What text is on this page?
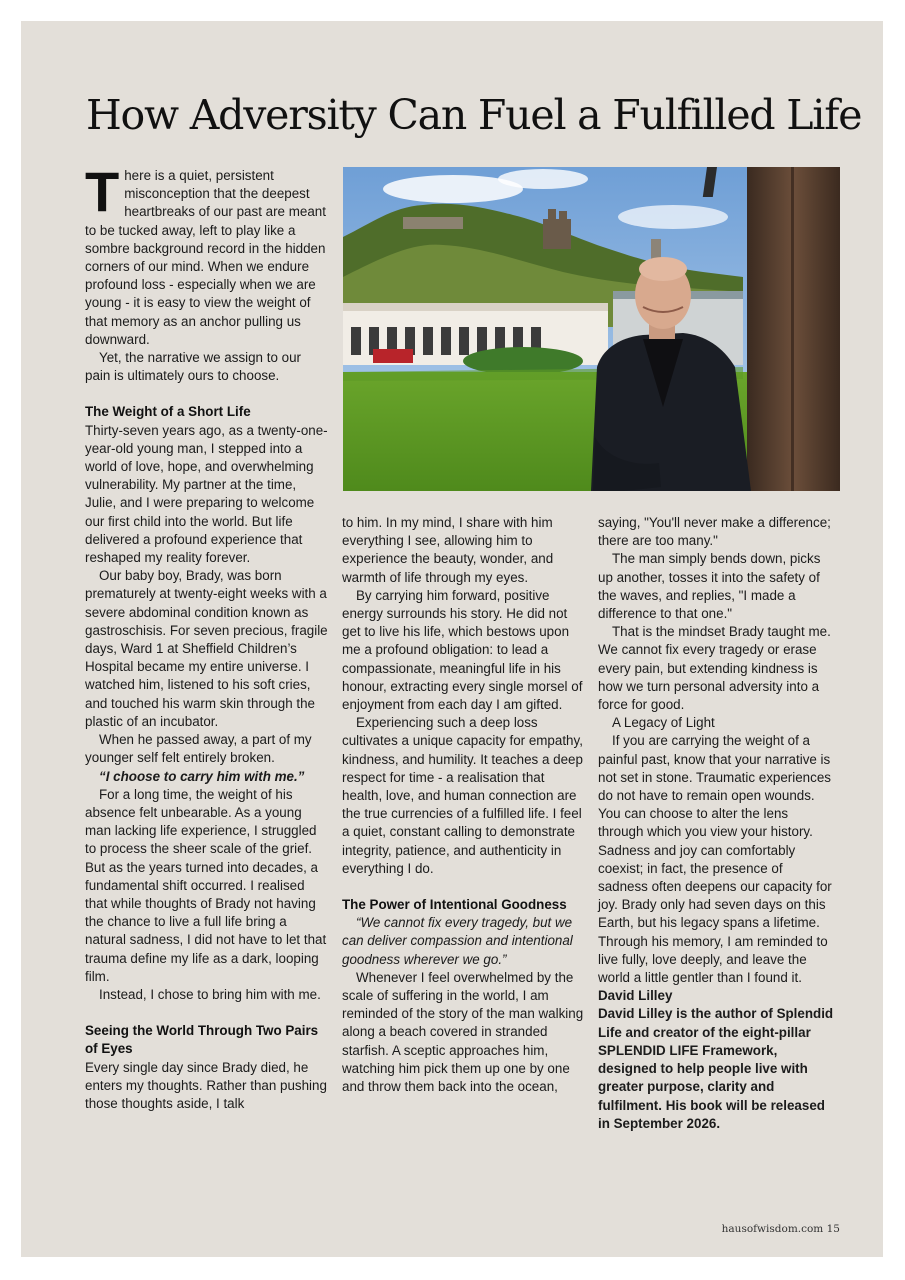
How Adversity Can Fuel a Fulfilled Life

There is a quiet, persistent misconception that the deepest heartbreaks of our past are meant to be tucked away, left to play like a sombre background record in the hidden corners of our mind. When we endure profound loss - especially when we are young - it is easy to view the weight of that memory as an anchor pulling us downward.

Yet, the narrative we assign to our pain is ultimately ours to choose.

The Weight of a Short Life

Thirty-seven years ago, as a twenty-one-year-old young man, I stepped into a world of love, hope, and overwhelming vulnerability. My partner at the time, Julie, and I were preparing to welcome our first child into the world. But life delivered a profound experience that reshaped my reality forever.

Our baby boy, Brady, was born prematurely at twenty-eight weeks with a severe abdominal condition known as gastroschisis. For seven precious, fragile days, Ward 1 at Sheffield Children’s Hospital became my entire universe. I watched him, listened to his soft cries, and touched his warm skin through the plastic of an incubator.

When he passed away, a part of my younger self felt entirely broken.

“I choose to carry him with me.”

For a long time, the weight of his absence felt unbearable. As a young man lacking life experience, I struggled to process the sheer scale of the grief. But as the years turned into decades, a fundamental shift occurred. I realised that while thoughts of Brady not having the chance to live a full life bring a natural sadness, I did not have to let that trauma define my life as a dark, looping film.

Instead, I chose to bring him with me.

Seeing the World Through Two Pairs of Eyes

Every single day since Brady died, he enters my thoughts. Rather than pushing those thoughts aside, I talk

to him. In my mind, I share with him everything I see, allowing him to experience the beauty, wonder, and warmth of life through my eyes.

By carrying him forward, positive energy surrounds his story. He did not get to live his life, which bestows upon me a profound obligation: to lead a compassionate, meaningful life in his honour, extracting every single morsel of enjoyment from each day I am gifted.

Experiencing such a deep loss cultivates a unique capacity for empathy, kindness, and humility. It teaches a deep respect for time - a realisation that health, love, and human connection are the true currencies of a fulfilled life. I feel a quiet, constant calling to demonstrate integrity, patience, and authenticity in everything I do.

The Power of Intentional Goodness

“We cannot fix every tragedy, but we can deliver compassion and intentional goodness wherever we go.”

Whenever I feel overwhelmed by the scale of suffering in the world, I am reminded of the story of the man walking along a beach covered in stranded starfish. A sceptic approaches him, watching him pick them up one by one and throw them back into the ocean,

saying, "You'll never make a difference; there are too many."

The man simply bends down, picks up another, tosses it into the safety of the waves, and replies, "I made a difference to that one."

That is the mindset Brady taught me. We cannot fix every tragedy or erase every pain, but extending kindness is how we turn personal adversity into a force for good.

A Legacy of Light

If you are carrying the weight of a painful past, know that your narrative is not set in stone. Traumatic experiences do not have to remain open wounds. You can choose to alter the lens through which you view your history. Sadness and joy can comfortably coexist; in fact, the presence of sadness often deepens our capacity for joy. Brady only had seven days on this Earth, but his legacy spans a lifetime. Through his memory, I am reminded to live fully, love deeply, and leave the world a little gentler than I found it.

David Lilley

David Lilley is the author of Splendid Life and creator of the eight-pillar SPLENDID LIFE Framework, designed to help people live with greater purpose, clarity and fulfilment. His book will be released in September 2026.

hausofwisdom.com 15
